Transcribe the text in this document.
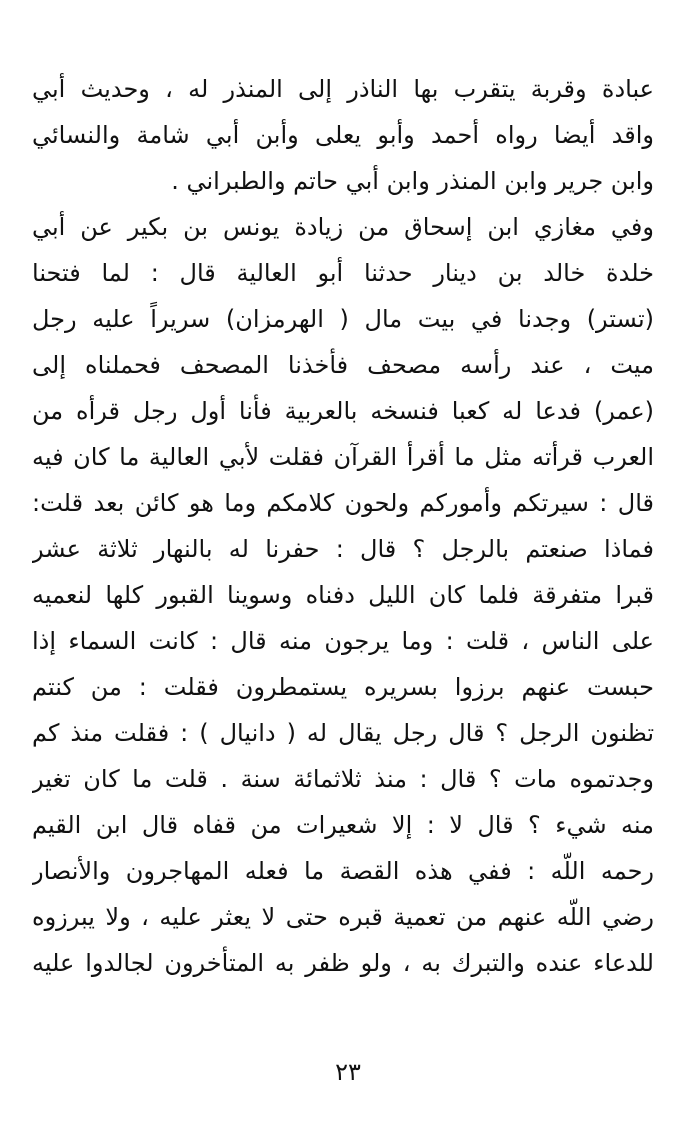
عبادة وقربة يتقرب بها الناذر إلى المنذر له ، وحديث أبي
واقد أيضا رواه أحمد وأبو يعلى وأبن أبي شامة والنسائي
وابن جرير وابن المنذر وابن أبي حاتم والطبراني .
وفي مغازي ابن إسحاق من زيادة يونس بن بكير عن أبي
خلدة خالد بن دينار حدثنا أبو العالية قال : لما فتحنا
(تستر) وجدنا في بيت مال ( الهرمزان) سريراً عليه رجل
ميت ، عند رأسه مصحف فأخذنا المصحف فحملناه إلى
(عمر) فدعا له كعبا فنسخه بالعربية فأنا أول رجل قرأه من
العرب قرأته مثل ما أقرأ القرآن فقلت لأبي العالية ما كان فيه
قال : سيرتكم وأموركم ولحون كلامكم وما هو كائن بعد قلت:
فماذا صنعتم بالرجل ؟ قال : حفرنا له بالنهار ثلاثة عشر
قبرا متفرقة فلما كان الليل دفناه وسوينا القبور كلها لنعميه
على الناس ، قلت : وما يرجون منه قال : كانت السماء إذا
حبست عنهم برزوا بسريره يستمطرون فقلت : من كنتم
تظنون الرجل ؟ قال رجل يقال له ( دانيال ) : فقلت منذ كم
وجدتموه مات ؟ قال : منذ ثلاثمائة سنة . قلت ما كان تغير
منه شيء ؟ قال لا : إلا شعيرات من قفاه قال ابن القيم
رحمه اللّه : ففي هذه القصة ما فعله المهاجرون والأنصار
رضي اللّه عنهم من تعمية قبره حتى لا يعثر عليه ، ولا يبرزوه
للدعاء عنده والتبرك به ، ولو ظفر به المتأخرون لجالدوا عليه
٢٣
